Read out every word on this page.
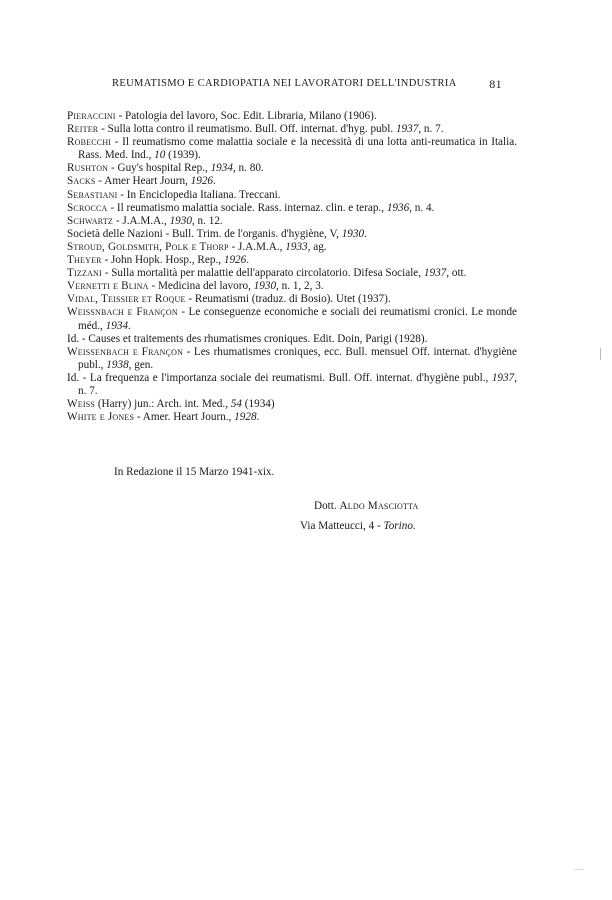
REUMATISMO E CARDIOPATIA NEI LAVORATORI DELL'INDUSTRIA	81
Pieraccini - Patologia del lavoro, Soc. Edit. Libraria, Milano (1906).
Reiter - Sulla lotta contro il reumatismo. Bull. Off. internat. d'hyg. publ. 1937, n. 7.
Robecchi - Il reumatismo come malattia sociale e la necessità di una lotta anti-reumatica in Italia. Rass. Med. Ind., 10 (1939).
Rushton - Guy's hospital Rep., 1934, n. 80.
Sacks - Amer Heart Journ, 1926.
Sebastiani - In Enciclopedia Italiana. Treccani.
Scrocca - Il reumatismo malattia sociale. Rass. internaz. clin. e terap., 1936, n. 4.
Schwartz - J.A.M.A., 1930, n. 12.
Società delle Nazioni - Bull. Trim. de l'organis. d'hygiène, V, 1930.
Stroud, Goldsmith, Polk e Thorp - J.A.M.A., 1933, ag.
Theyer - John Hopk. Hosp., Rep., 1926.
Tizzani - Sulla mortalità per malattie dell'apparato circolatorio. Difesa Sociale, 1937, ott.
Vernetti e Blina - Medicina del lavoro, 1930, n. 1, 2, 3.
Vidal, Teissier et Roque - Reumatismi (traduz. di Bosio). Utet (1937).
Weissnbach e Françon - Le conseguenze economiche e sociali dei reumatismi cronici. Le monde méd., 1934.
Id. - Causes et traitements des rhumatismes croniques. Edit. Doin, Parigi (1928).
Weissenbach e Françon - Les rhumatismes croniques, ecc. Bull. mensuel Off. internat. d'hygiène publ., 1938, gen.
Id. - La frequenza e l'importanza sociale dei reumatismi. Bull. Off. internat. d'hygiène publ., 1937, n. 7.
Weiss (Harry) jun.: Arch. int. Med., 54 (1934)
White e Jones - Amer. Heart Journ., 1928.
In Redazione il 15 Marzo 1941-xix.
Dott. Aldo Masciotta
Via Matteucci, 4 - Torino.
